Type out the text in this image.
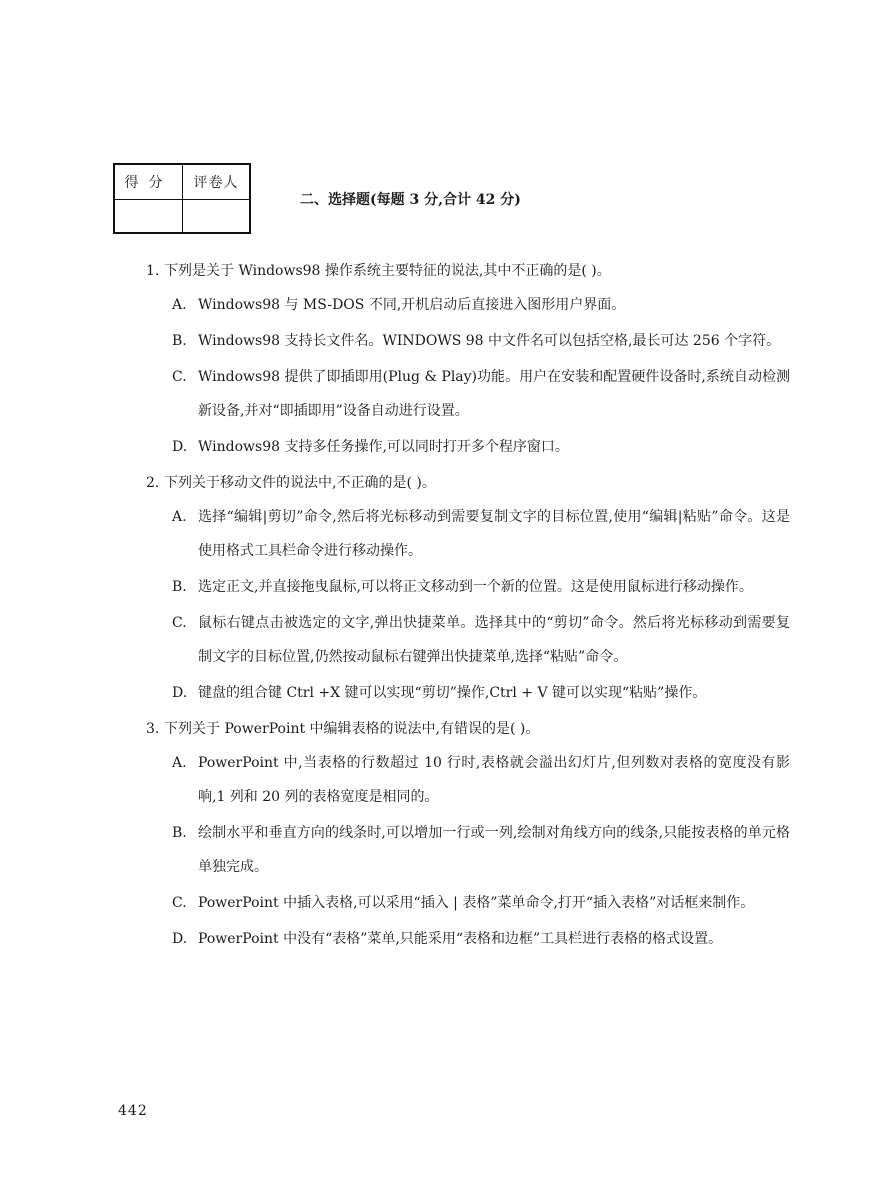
得分	评卷人

二、选择题(每题 3 分,合计 42 分)

1. 下列是关于 Windows98 操作系统主要特征的说法,其中不正确的是( )。

A. Windows98 与 MS-DOS 不同,开机启动后直接进入图形用户界面。
B. Windows98 支持长文件名。WINDOWS 98 中文件名可以包括空格,最长可达 256 个字符。
C. Windows98 提供了即插即用(Plug & Play)功能。用户在安装和配置硬件设备时,系统自动检测新设备,并对“即插即用”设备自动进行设置。
D. Windows98 支持多任务操作,可以同时打开多个程序窗口。

2. 下列关于移动文件的说法中,不正确的是( )。

A. 选择“编辑|剪切”命令,然后将光标移动到需要复制文字的目标位置,使用“编辑|粘贴”命令。这是使用格式工具栏命令进行移动操作。
B. 选定正文,并直接拖曳鼠标,可以将正文移动到一个新的位置。这是使用鼠标进行移动操作。
C. 鼠标右键点击被选定的文字,弹出快捷菜单。选择其中的“剪切”命令。然后将光标移动到需要复制文字的目标位置,仍然按动鼠标右键弹出快捷菜单,选择“粘贴”命令。
D. 键盘的组合键 Ctrl +X 键可以实现“剪切”操作,Ctrl + V 键可以实现“粘贴”操作。

3. 下列关于 PowerPoint 中编辑表格的说法中,有错误的是( )。

A. PowerPoint 中,当表格的行数超过 10 行时,表格就会溢出幻灯片,但列数对表格的宽度没有影响,1 列和 20 列的表格宽度是相同的。
B. 绘制水平和垂直方向的线条时,可以增加一行或一列,绘制对角线方向的线条,只能按表格的单元格单独完成。
C. PowerPoint 中插入表格,可以采用“插入 | 表格”菜单命令,打开“插入表格”对话框来制作。
D. PowerPoint 中没有“表格”菜单,只能采用“表格和边框”工具栏进行表格的格式设置。
442
